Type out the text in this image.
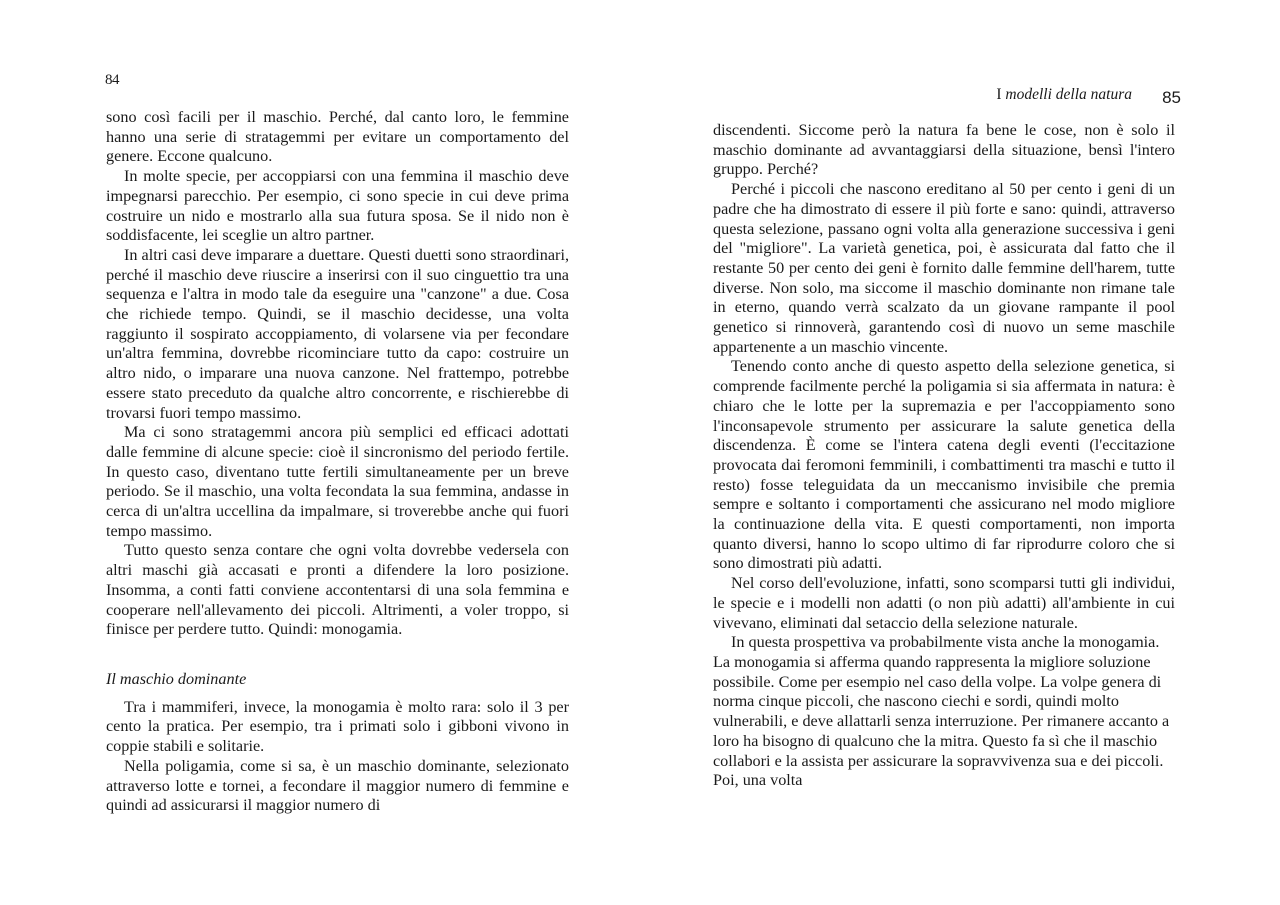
84

sono così facili per il maschio. Perché, dal canto loro, le femmine hanno una serie di stratagemmi per evitare un comportamento del genere. Eccone qualcuno.

In molte specie, per accoppiarsi con una femmina il maschio deve impegnarsi parecchio. Per esempio, ci sono specie in cui deve prima costruire un nido e mostrarlo alla sua futura sposa. Se il nido non è soddisfacente, lei sceglie un altro partner.

In altri casi deve imparare a duettare. Questi duetti sono straordinari, perché il maschio deve riuscire a inserirsi con il suo cinguettio tra una sequenza e l'altra in modo tale da eseguire una "canzone" a due. Cosa che richiede tempo. Quindi, se il maschio decidesse, una volta raggiunto il sospirato accoppiamento, di volarsene via per fecondare un'altra femmina, dovrebbe ricominciare tutto da capo: costruire un altro nido, o imparare una nuova canzone. Nel frattempo, potrebbe essere stato preceduto da qualche altro concorrente, e rischierebbe di trovarsi fuori tempo massimo.

Ma ci sono stratagemmi ancora più semplici ed efficaci adottati dalle femmine di alcune specie: cioè il sincronismo del periodo fertile. In questo caso, diventano tutte fertili simultaneamente per un breve periodo. Se il maschio, una volta fecondata la sua femmina, andasse in cerca di un'altra uccellina da impalmare, si troverebbe anche qui fuori tempo massimo.

Tutto questo senza contare che ogni volta dovrebbe vedersela con altri maschi già accasati e pronti a difendere la loro posizione. Insomma, a conti fatti conviene accontentarsi di una sola femmina e cooperare nell'allevamento dei piccoli. Altrimenti, a voler troppo, si finisce per perdere tutto. Quindi: monogamia.

Il maschio dominante

Tra i mammiferi, invece, la monogamia è molto rara: solo il 3 per cento la pratica. Per esempio, tra i primati solo i gibboni vivono in coppie stabili e solitarie.

Nella poligamia, come si sa, è un maschio dominante, selezionato attraverso lotte e tornei, a fecondare il maggior numero di femmine e quindi ad assicurarsi il maggior numero di

I modelli della natura 85

discendenti. Siccome però la natura fa bene le cose, non è solo il maschio dominante ad avvantaggiarsi della situazione, bensì l'intero gruppo. Perché?

Perché i piccoli che nascono ereditano al 50 per cento i geni di un padre che ha dimostrato di essere il più forte e sano: quindi, attraverso questa selezione, passano ogni volta alla generazione successiva i geni del "migliore". La varietà genetica, poi, è assicurata dal fatto che il restante 50 per cento dei geni è fornito dalle femmine dell'harem, tutte diverse. Non solo, ma siccome il maschio dominante non rimane tale in eterno, quando verrà scalzato da un giovane rampante il pool genetico si rinnoverà, garantendo così di nuovo un seme maschile appartenente a un maschio vincente.

Tenendo conto anche di questo aspetto della selezione genetica, si comprende facilmente perché la poligamia si sia affermata in natura: è chiaro che le lotte per la supremazia e per l'accoppiamento sono l'inconsapevole strumento per assicurare la salute genetica della discendenza. È come se l'intera catena degli eventi (l'eccitazione provocata dai feromoni femminili, i combattimenti tra maschi e tutto il resto) fosse teleguidata da un meccanismo invisibile che premia sempre e soltanto i comportamenti che assicurano nel modo migliore la continuazione della vita. E questi comportamenti, non importa quanto diversi, hanno lo scopo ultimo di far riprodurre coloro che si sono dimostrati più adatti.

Nel corso dell'evoluzione, infatti, sono scomparsi tutti gli individui, le specie e i modelli non adatti (o non più adatti) all'ambiente in cui vivevano, eliminati dal setaccio della selezione naturale.

In questa prospettiva va probabilmente vista anche la monogamia. La monogamia si afferma quando rappresenta la migliore soluzione possibile. Come per esempio nel caso della volpe. La volpe genera di norma cinque piccoli, che nascono ciechi e sordi, quindi molto vulnerabili, e deve allattarli senza interruzione. Per rimanere accanto a loro ha bisogno di qualcuno che la mitra. Questo fa sì che il maschio collabori e la assista per assicurare la sopravvivenza sua e dei piccoli. Poi, una volta
